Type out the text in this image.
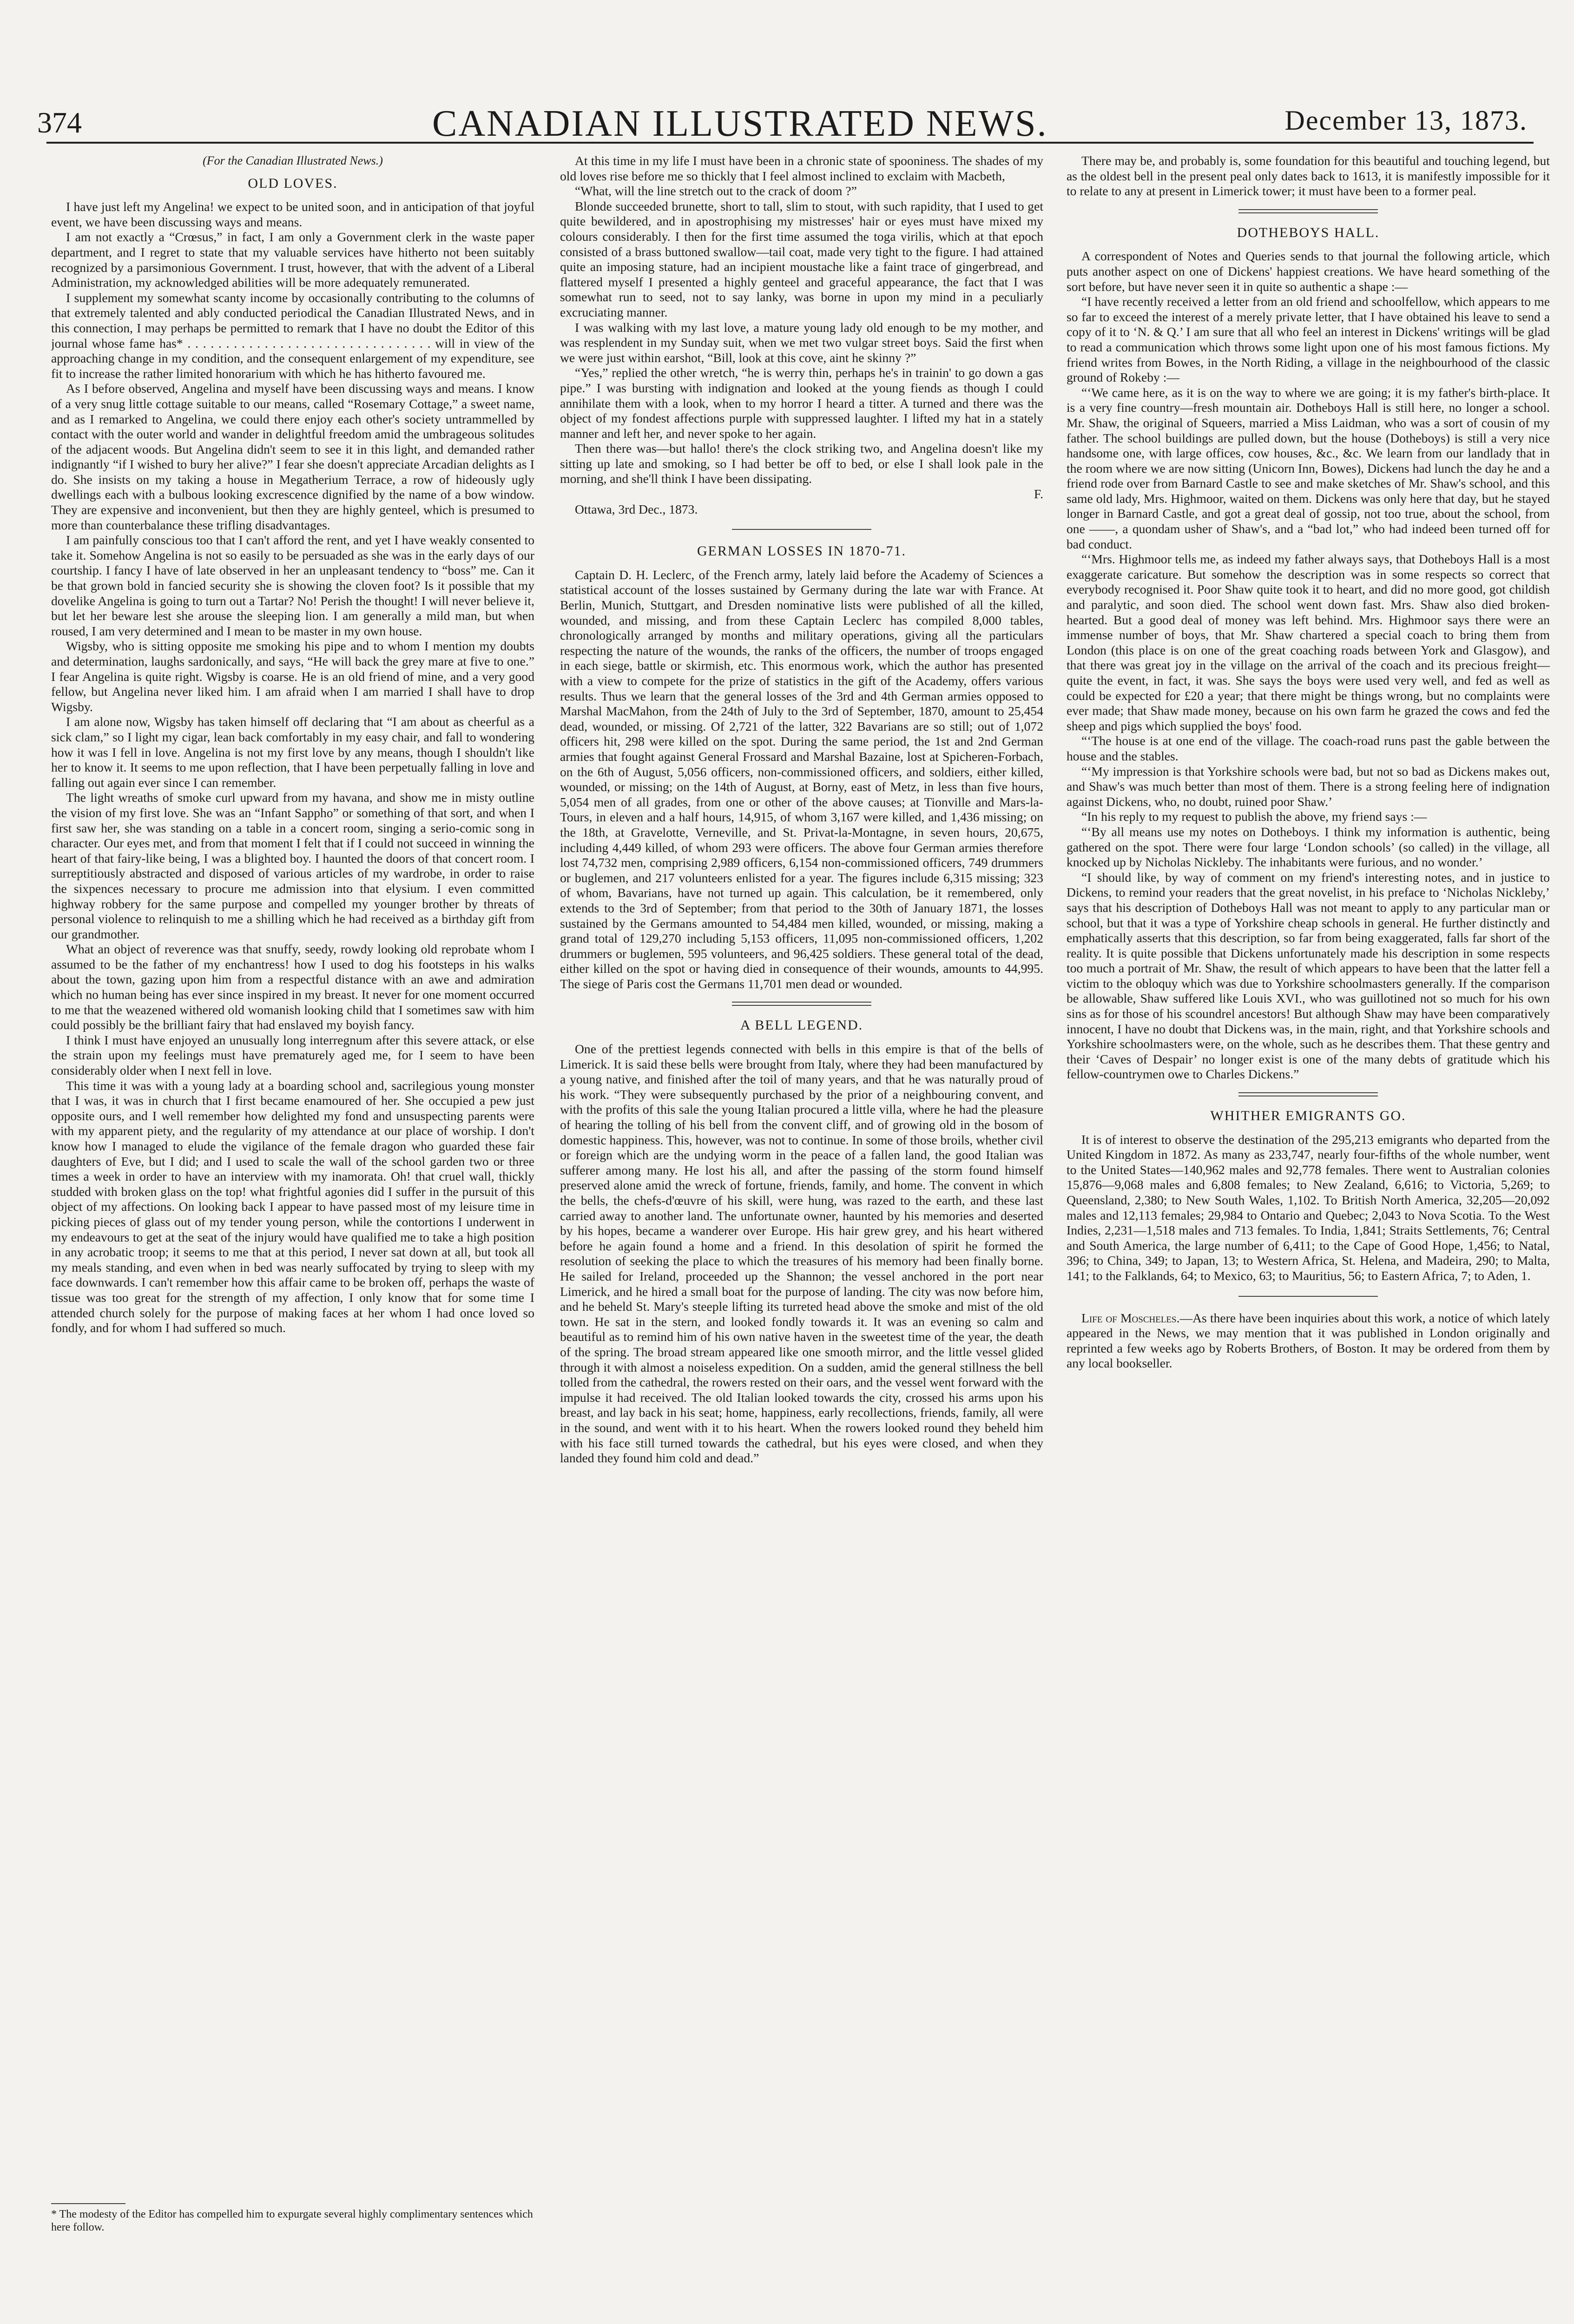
374	CANADIAN ILLUSTRATED NEWS.	December 13, 1873.
(For the Canadian Illustrated News.)
OLD LOVES.

I have just left my Angelina! we expect to be united soon, and in anticipation of that joyful event, we have been discussing ways and means.

I am not exactly a “Crœsus,” in fact, I am only a Government clerk in the waste paper department, and I regret to state that my valuable services have hitherto not been suitably recognized by a parsimonious Government. I trust, however, that with the advent of a Liberal Administration, my acknowledged abilities will be more adequately remunerated.

I supplement my somewhat scanty income by occasionally contributing to the columns of that extremely talented and ably conducted periodical the Canadian Illustrated News, and in this connection, I may perhaps be permitted to remark that I have no doubt the Editor of this journal whose fame has* . . . . . . . . . . . . . . . . . . . . . . . . . . . . . . . . will in view of the approaching change in my condition, and the consequent enlargement of my expenditure, see fit to increase the rather limited honorarium with which he has hitherto favoured me.

As I before observed, Angelina and myself have been discussing ways and means. I know of a very snug little cottage suitable to our means, called “Rosemary Cottage,” a sweet name, and as I remarked to Angelina, we could there enjoy each other's society untrammelled by contact with the outer world and wander in delightful freedom amid the umbrageous solitudes of the adjacent woods. But Angelina didn't seem to see it in this light, and demanded rather indignantly “if I wished to bury her alive?” I fear she doesn't appreciate Arcadian delights as I do. She insists on my taking a house in Megatherium Terrace, a row of hideously ugly dwellings each with a bulbous looking excrescence dignified by the name of a bow window. They are expensive and inconvenient, but then they are highly genteel, which is presumed to more than counterbalance these trifling disadvantages.

I am painfully conscious too that I can't afford the rent, and yet I have weakly consented to take it. Somehow Angelina is not so easily to be persuaded as she was in the early days of our courtship. I fancy I have of late observed in her an unpleasant tendency to “boss” me. Can it be that grown bold in fancied security she is showing the cloven foot? Is it possible that my dovelike Angelina is going to turn out a Tartar? No! Perish the thought! I will never believe it, but let her beware lest she arouse the sleeping lion. I am generally a mild man, but when roused, I am very determined and I mean to be master in my own house.

Wigsby, who is sitting opposite me smoking his pipe and to whom I mention my doubts and determination, laughs sardonically, and says, “He will back the grey mare at five to one.” I fear Angelina is quite right. Wigsby is coarse. He is an old friend of mine, and a very good fellow, but Angelina never liked him. I am afraid when I am married I shall have to drop Wigsby.

I am alone now, Wigsby has taken himself off declaring that “I am about as cheerful as a sick clam,” so I light my cigar, lean back comfortably in my easy chair, and fall to wondering how it was I fell in love. Angelina is not my first love by any means, though I shouldn't like her to know it. It seems to me upon reflection, that I have been perpetually falling in love and falling out again ever since I can remember.

The light wreaths of smoke curl upward from my havana, and show me in misty outline the vision of my first love. She was an “Infant Sappho” or something of that sort, and when I first saw her, she was standing on a table in a concert room, singing a serio-comic song in character. Our eyes met, and from that moment I felt that if I could not succeed in winning the heart of that fairy-like being, I was a blighted boy. I haunted the doors of that concert room. I surreptitiously abstracted and disposed of various articles of my wardrobe, in order to raise the sixpences necessary to procure me admission into that elysium. I even committed highway robbery for the same purpose and compelled my younger brother by threats of personal violence to relinquish to me a shilling which he had received as a birthday gift from our grandmother.

What an object of reverence was that snuffy, seedy, rowdy looking old reprobate whom I assumed to be the father of my enchantress! how I used to dog his footsteps in his walks about the town, gazing upon him from a respectful distance with an awe and admiration which no human being has ever since inspired in my breast. It never for one moment occurred to me that the weazened withered old womanish looking child that I sometimes saw with him could possibly be the brilliant fairy that had enslaved my boyish fancy.

I think I must have enjoyed an unusually long interregnum after this severe attack, or else the strain upon my feelings must have prematurely aged me, for I seem to have been considerably older when I next fell in love.

This time it was with a young lady at a boarding school and, sacrilegious young monster that I was, it was in church that I first became enamoured of her. She occupied a pew just opposite ours, and I well remember how delighted my fond and unsuspecting parents were with my apparent piety, and the regularity of my attendance at our place of worship. I don't know how I managed to elude the vigilance of the female dragon who guarded these fair daughters of Eve, but I did; and I used to scale the wall of the school garden two or three times a week in order to have an interview with my inamorata. Oh! that cruel wall, thickly studded with broken glass on the top! what frightful agonies did I suffer in the pursuit of this object of my affections. On looking back I appear to have passed most of my leisure time in picking pieces of glass out of my tender young person, while the contortions I underwent in my endeavours to get at the seat of the injury would have qualified me to take a high position in any acrobatic troop; it seems to me that at this period, I never sat down at all, but took all my meals standing, and even when in bed was nearly suffocated by trying to sleep with my face downwards. I can't remember how this affair came to be broken off, perhaps the waste of tissue was too great for the strength of my affection, I only know that for some time I attended church solely for the purpose of making faces at her whom I had once loved so fondly, and for whom I had suffered so much.

* The modesty of the Editor has compelled him to expurgate several highly complimentary sentences which here follow.

At this time in my life I must have been in a chronic state of spooniness. The shades of my old loves rise before me so thickly that I feel almost inclined to exclaim with Macbeth,

“What, will the line stretch out to the crack of doom ?”

Blonde succeeded brunette, short to tall, slim to stout, with such rapidity, that I used to get quite bewildered, and in apostrophising my mistresses' hair or eyes must have mixed my colours considerably. I then for the first time assumed the toga virilis, which at that epoch consisted of a brass buttoned swallow—tail coat, made very tight to the figure. I had attained quite an imposing stature, had an incipient moustache like a faint trace of gingerbread, and flattered myself I presented a highly genteel and graceful appearance, the fact that I was somewhat run to seed, not to say lanky, was borne in upon my mind in a peculiarly excruciating manner.

I was walking with my last love, a mature young lady old enough to be my mother, and was resplendent in my Sunday suit, when we met two vulgar street boys. Said the first when we were just within earshot, “Bill, look at this cove, aint he skinny ?”

“Yes,” replied the other wretch, “he is werry thin, perhaps he's in trainin' to go down a gas pipe.” I was bursting with indignation and looked at the young fiends as though I could annihilate them with a look, when to my horror I heard a titter. A turned and there was the object of my fondest affections purple with suppressed laughter. I lifted my hat in a stately manner and left her, and never spoke to her again.

Then there was—but hallo! there's the clock striking two, and Angelina doesn't like my sitting up late and smoking, so I had better be off to bed, or else I shall look pale in the morning, and she'll think I have been dissipating.

F.

Ottawa, 3rd Dec., 1873.

GERMAN LOSSES IN 1870-71.

Captain D. H. Leclerc, of the French army, lately laid before the Academy of Sciences a statistical account of the losses sustained by Germany during the late war with France. At Berlin, Munich, Stuttgart, and Dresden nominative lists were published of all the killed, wounded, and missing, and from these Captain Leclerc has compiled 8,000 tables, chronologically arranged by months and military operations, giving all the particulars respecting the nature of the wounds, the ranks of the officers, the number of troops engaged in each siege, battle or skirmish, etc. This enormous work, which the author has presented with a view to compete for the prize of statistics in the gift of the Academy, offers various results. Thus we learn that the general losses of the 3rd and 4th German armies opposed to Marshal MacMahon, from the 24th of July to the 3rd of September, 1870, amount to 25,454 dead, wounded, or missing. Of 2,721 of the latter, 322 Bavarians are so still; out of 1,072 officers hit, 298 were killed on the spot. During the same period, the 1st and 2nd German armies that fought against General Frossard and Marshal Bazaine, lost at Spicheren-Forbach, on the 6th of August, 5,056 officers, non-commissioned officers, and soldiers, either killed, wounded, or missing; on the 14th of August, at Borny, east of Metz, in less than five hours, 5,054 men of all grades, from one or other of the above causes; at Tionville and Mars-la-Tours, in eleven and a half hours, 14,915, of whom 3,167 were killed, and 1,436 missing; on the 18th, at Gravelotte, Verneville, and St. Privat-la-Montagne, in seven hours, 20,675, including 4,449 killed, of whom 293 were officers. The above four German armies therefore lost 74,732 men, comprising 2,989 officers, 6,154 non-commissioned officers, 749 drummers or buglemen, and 217 volunteers enlisted for a year. The figures include 6,315 missing; 323 of whom, Bavarians, have not turned up again. This calculation, be it remembered, only extends to the 3rd of September; from that period to the 30th of January 1871, the losses sustained by the Germans amounted to 54,484 men killed, wounded, or missing, making a grand total of 129,270 including 5,153 officers, 11,095 non-commissioned officers, 1,202 drummers or buglemen, 595 volunteers, and 96,425 soldiers. These general total of the dead, either killed on the spot or having died in consequence of their wounds, amounts to 44,995. The siege of Paris cost the Germans 11,701 men dead or wounded.

A BELL LEGEND.

One of the prettiest legends connected with bells in this empire is that of the bells of Limerick. It is said these bells were brought from Italy, where they had been manufactured by a young native, and finished after the toil of many years, and that he was naturally proud of his work. “They were subsequently purchased by the prior of a neighbouring convent, and with the profits of this sale the young Italian procured a little villa, where he had the pleasure of hearing the tolling of his bell from the convent cliff, and of growing old in the bosom of domestic happiness. This, however, was not to continue. In some of those broils, whether civil or foreign which are the undying worm in the peace of a fallen land, the good Italian was sufferer among many. He lost his all, and after the passing of the storm found himself preserved alone amid the wreck of fortune, friends, family, and home. The convent in which the bells, the chefs-d'œuvre of his skill, were hung, was razed to the earth, and these last carried away to another land. The unfortunate owner, haunted by his memories and deserted by his hopes, became a wanderer over Europe. His hair grew grey, and his heart withered before he again found a home and a friend. In this desolation of spirit he formed the resolution of seeking the place to which the treasures of his memory had been finally borne. He sailed for Ireland, proceeded up the Shannon; the vessel anchored in the port near Limerick, and he hired a small boat for the purpose of landing. The city was now before him, and he beheld St. Mary's steeple lifting its turreted head above the smoke and mist of the old town. He sat in the stern, and looked fondly towards it. It was an evening so calm and beautiful as to remind him of his own native haven in the sweetest time of the year, the death of the spring. The broad stream appeared like one smooth mirror, and the little vessel glided through it with almost a noiseless expedition. On a sudden, amid the general stillness the bell tolled from the cathedral, the rowers rested on their oars, and the vessel went forward with the impulse it had received. The old Italian looked towards the city, crossed his arms upon his breast, and lay back in his seat; home, happiness, early recollections, friends, family, all were in the sound, and went with it to his heart. When the rowers looked round they beheld him with his face still turned towards the cathedral, but his eyes were closed, and when they landed they found him cold and dead.”

There may be, and probably is, some foundation for this beautiful and touching legend, but as the oldest bell in the present peal only dates back to 1613, it is manifestly impossible for it to relate to any at present in Limerick tower; it must have been to a former peal.

DOTHEBOYS HALL.

A correspondent of Notes and Queries sends to that journal the following article, which puts another aspect on one of Dickens' happiest creations. We have heard something of the sort before, but have never seen it in quite so authentic a shape :—

“I have recently received a letter from an old friend and schoolfellow, which appears to me so far to exceed the interest of a merely private letter, that I have obtained his leave to send a copy of it to ‘N. & Q.’ I am sure that all who feel an interest in Dickens' writings will be glad to read a communication which throws some light upon one of his most famous fictions. My friend writes from Bowes, in the North Riding, a village in the neighbourhood of the classic ground of Rokeby :—

“‘We came here, as it is on the way to where we are going; it is my father's birth-place. It is a very fine country—fresh mountain air. Dotheboys Hall is still here, no longer a school. Mr. Shaw, the original of Squeers, married a Miss Laidman, who was a sort of cousin of my father. The school buildings are pulled down, but the house (Dotheboys) is still a very nice handsome one, with large offices, cow houses, &c., &c. We learn from our landlady that in the room where we are now sitting (Unicorn Inn, Bowes), Dickens had lunch the day he and a friend rode over from Barnard Castle to see and make sketches of Mr. Shaw's school, and this same old lady, Mrs. Highmoor, waited on them. Dickens was only here that day, but he stayed longer in Barnard Castle, and got a great deal of gossip, not too true, about the school, from one ——, a quondam usher of Shaw's, and a “bad lot,” who had indeed been turned off for bad conduct.

“‘Mrs. Highmoor tells me, as indeed my father always says, that Dotheboys Hall is a most exaggerate caricature. But somehow the description was in some respects so correct that everybody recognised it. Poor Shaw quite took it to heart, and did no more good, got childish and paralytic, and soon died. The school went down fast. Mrs. Shaw also died broken-hearted. But a good deal of money was left behind. Mrs. Highmoor says there were an immense number of boys, that Mr. Shaw chartered a special coach to bring them from London (this place is on one of the great coaching roads between York and Glasgow), and that there was great joy in the village on the arrival of the coach and its precious freight—quite the event, in fact, it was. She says the boys were used very well, and fed as well as could be expected for £20 a year; that there might be things wrong, but no complaints were ever made; that Shaw made money, because on his own farm he grazed the cows and fed the sheep and pigs which supplied the boys' food.

“‘The house is at one end of the village. The coach-road runs past the gable between the house and the stables.

“‘My impression is that Yorkshire schools were bad, but not so bad as Dickens makes out, and Shaw's was much better than most of them. There is a strong feeling here of indignation against Dickens, who, no doubt, ruined poor Shaw.’

“In his reply to my request to publish the above, my friend says :—

“‘By all means use my notes on Dotheboys. I think my information is authentic, being gathered on the spot. There were four large ‘London schools’ (so called) in the village, all knocked up by Nicholas Nickleby. The inhabitants were furious, and no wonder.’

“I should like, by way of comment on my friend's interesting notes, and in justice to Dickens, to remind your readers that the great novelist, in his preface to ‘Nicholas Nickleby,’ says that his description of Dotheboys Hall was not meant to apply to any particular man or school, but that it was a type of Yorkshire cheap schools in general. He further distinctly and emphatically asserts that this description, so far from being exaggerated, falls far short of the reality. It is quite possible that Dickens unfortunately made his description in some respects too much a portrait of Mr. Shaw, the result of which appears to have been that the latter fell a victim to the obloquy which was due to Yorkshire schoolmasters generally. If the comparison be allowable, Shaw suffered like Louis XVI., who was guillotined not so much for his own sins as for those of his scoundrel ancestors! But although Shaw may have been comparatively innocent, I have no doubt that Dickens was, in the main, right, and that Yorkshire schools and Yorkshire schoolmasters were, on the whole, such as he describes them. That these gentry and their ‘Caves of Despair’ no longer exist is one of the many debts of gratitude which his fellow-countrymen owe to Charles Dickens.”

WHITHER EMIGRANTS GO.

It is of interest to observe the destination of the 295,213 emigrants who departed from the United Kingdom in 1872. As many as 233,747, nearly four-fifths of the whole number, went to the United States—140,962 males and 92,778 females. There went to Australian colonies 15,876—9,068 males and 6,808 females; to New Zealand, 6,616; to Victoria, 5,269; to Queensland, 2,380; to New South Wales, 1,102. To British North America, 32,205—20,092 males and 12,113 females; 29,984 to Ontario and Quebec; 2,043 to Nova Scotia. To the West Indies, 2,231—1,518 males and 713 females. To India, 1,841; Straits Settlements, 76; Central and South America, the large number of 6,411; to the Cape of Good Hope, 1,456; to Natal, 396; to China, 349; to Japan, 13; to Western Africa, St. Helena, and Madeira, 290; to Malta, 141; to the Falklands, 64; to Mexico, 63; to Mauritius, 56; to Eastern Africa, 7; to Aden, 1.

Life of Moscheles.—As there have been inquiries about this work, a notice of which lately appeared in the News, we may mention that it was published in London originally and reprinted a few weeks ago by Roberts Brothers, of Boston. It may be ordered from them by any local bookseller.
